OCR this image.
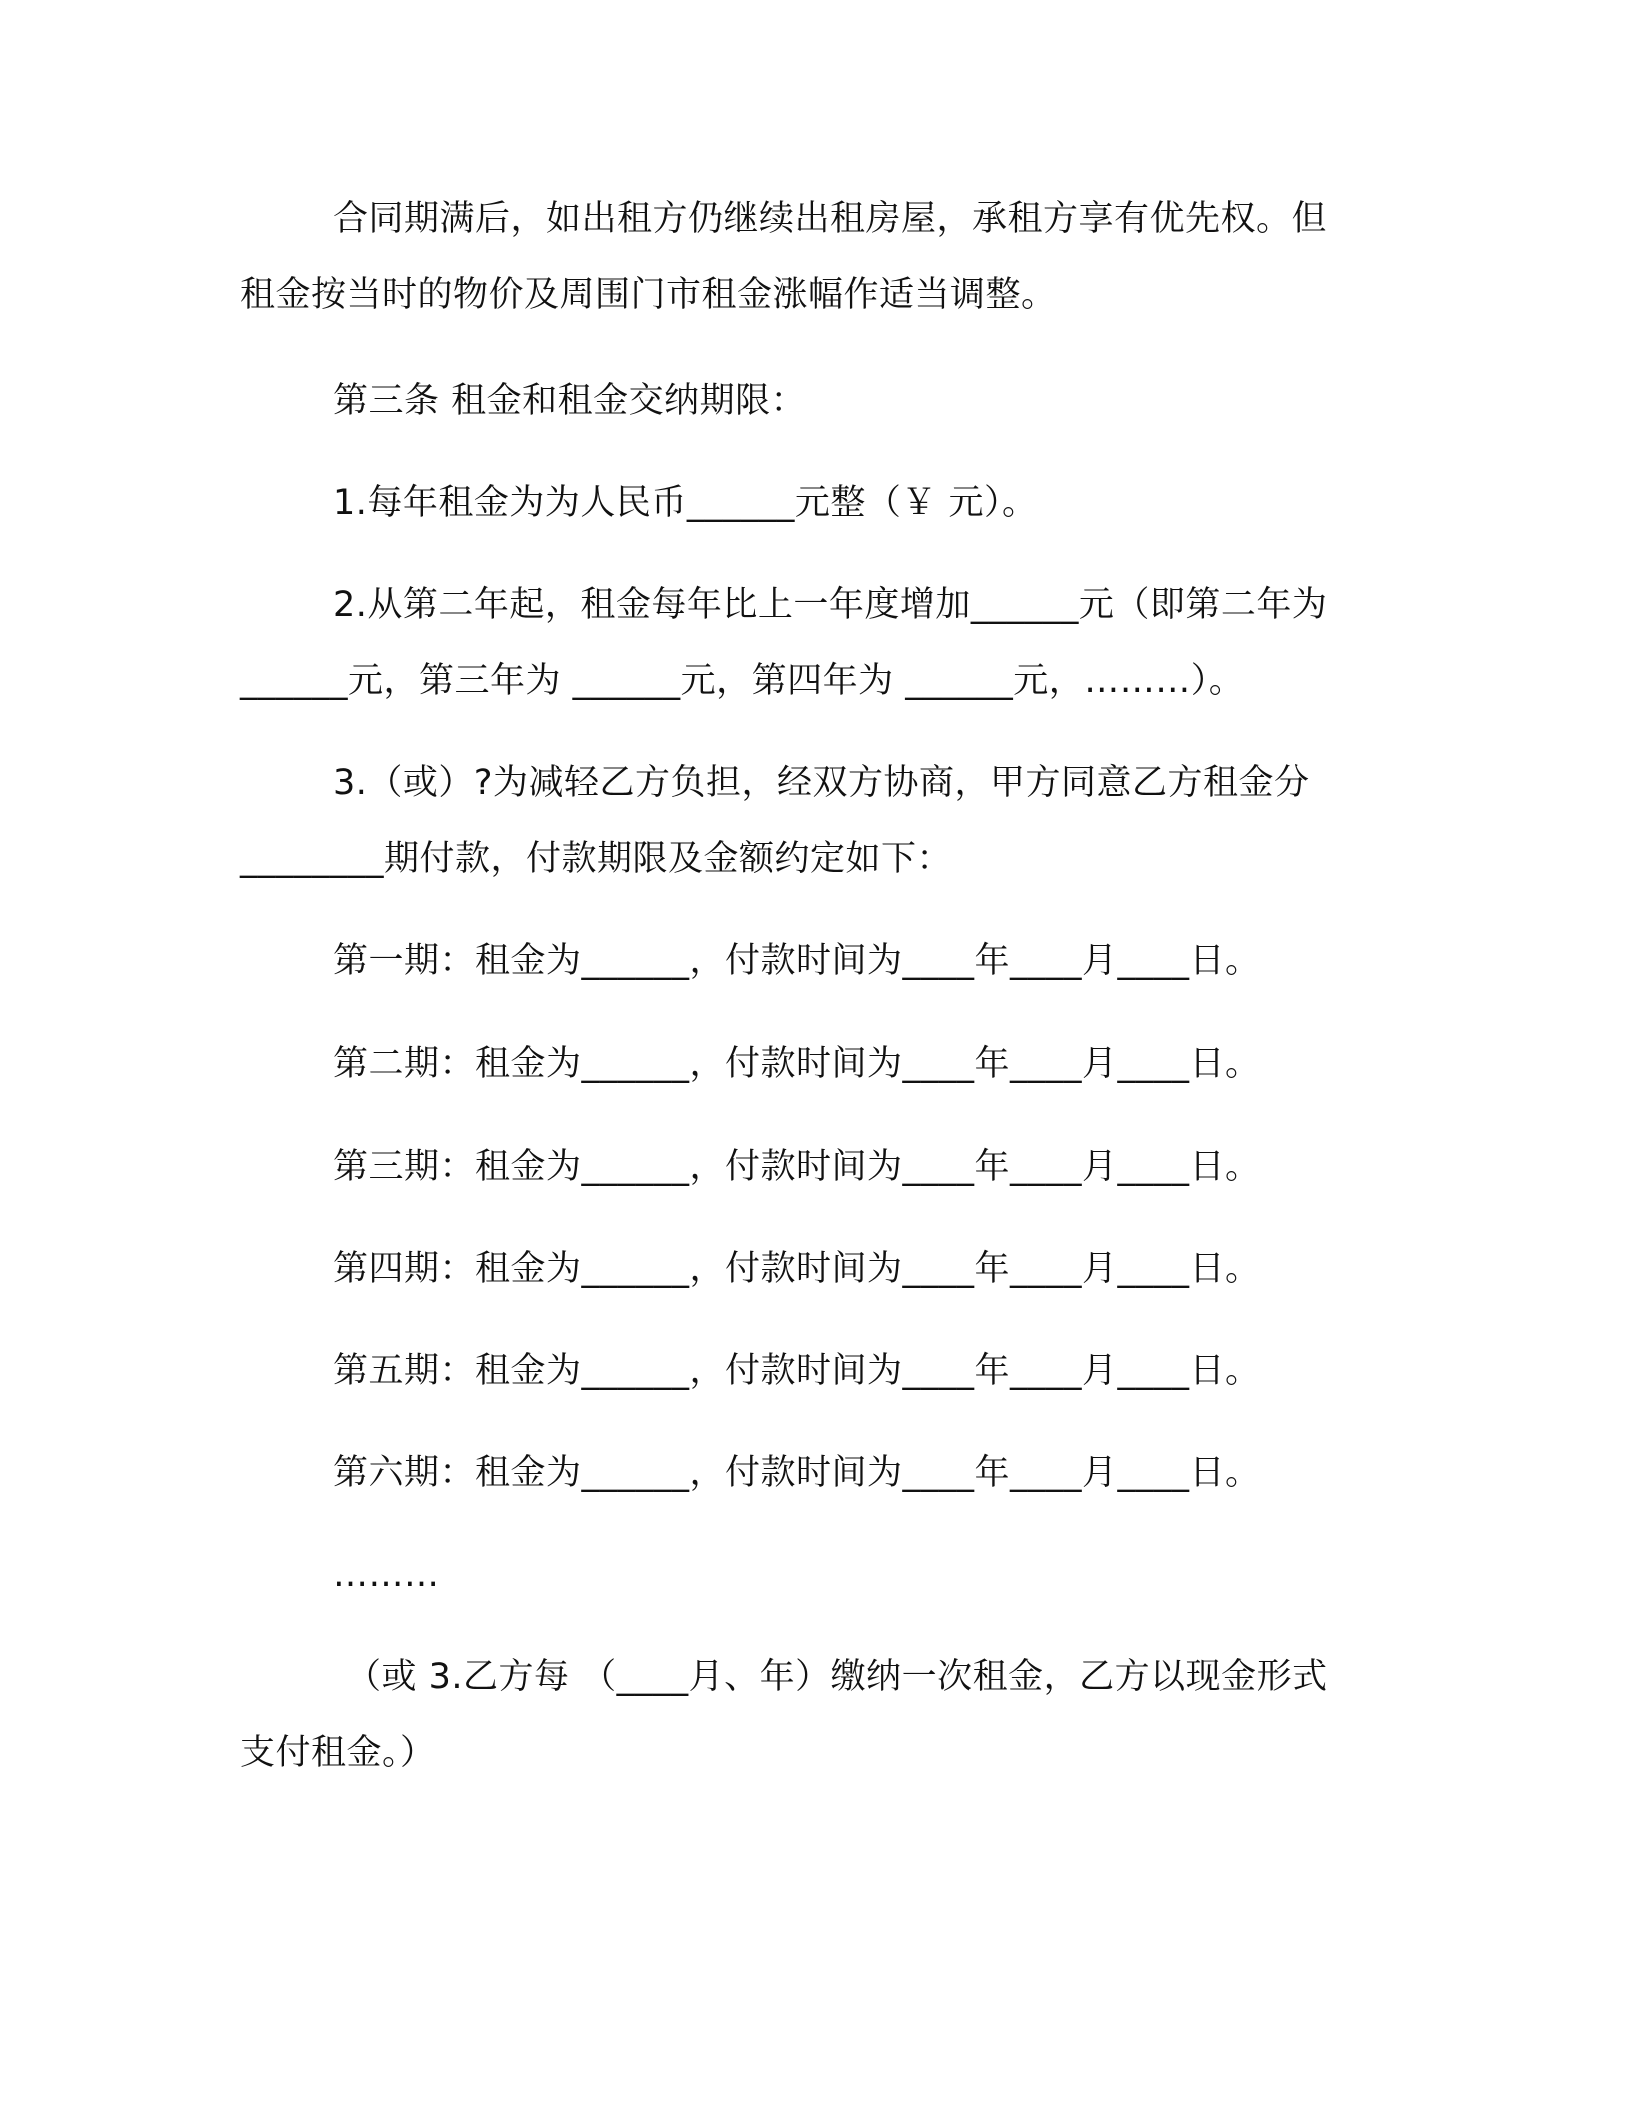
合同期满后，如出租方仍继续出租房屋，承租方享有优先权。但

租金按当时的物价及周围门市租金涨幅作适当调整。

第三条 租金和租金交纳期限：

1.每年租金为为人民币______元整（￥ 元）。

2.从第二年起，租金每年比上一年度增加______元（即第二年为

______元，第三年为 ______元，第四年为 ______元，………）。

3.（或）?为减轻乙方负担，经双方协商，甲方同意乙方租金分

________期付款，付款期限及金额约定如下：

第一期：租金为______，付款时间为____年____月____日。

第二期：租金为______，付款时间为____年____月____日。

第三期：租金为______，付款时间为____年____月____日。

第四期：租金为______，付款时间为____年____月____日。

第五期：租金为______，付款时间为____年____月____日。

第六期：租金为______，付款时间为____年____月____日。

………

（或 3.乙方每 （____月、年）缴纳一次租金，乙方以现金形式

支付租金。）
